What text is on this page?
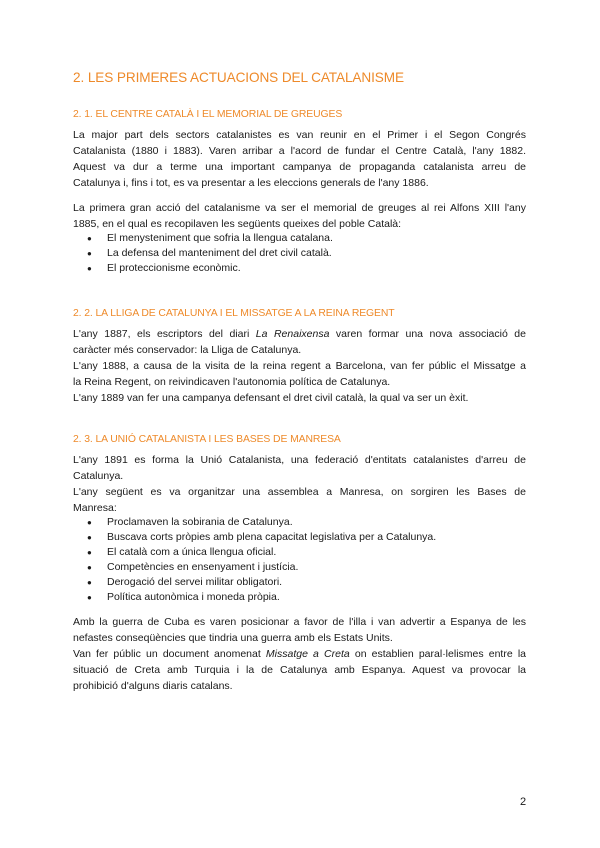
2. LES PRIMERES ACTUACIONS DEL CATALANISME
2. 1. EL CENTRE CATALÀ I EL MEMORIAL DE GREUGES
La major part dels sectors catalanistes es van reunir en el Primer i el Segon Congrés
Catalanista (1880 i 1883). Varen arribar a l'acord de fundar el Centre Català, l'any 1882.
Aquest va dur a terme una important campanya de propaganda catalanista arreu de
Catalunya i, fins i tot, es va presentar a les eleccions generals de l'any 1886.
La primera gran acció del catalanisme va ser el memorial de greuges al rei Alfons XIII l'any
1885, en el qual es recopilaven les següents queixes del poble Català:
● El menysteniment que sofria la llengua catalana.
● La defensa del manteniment del dret civil català.
● El proteccionisme econòmic.
2. 2. LA LLIGA DE CATALUNYA I EL MISSATGE A LA REINA REGENT
L'any 1887, els escriptors del diari La Renaixensa varen formar una nova associació de
caràcter més conservador: la Lliga de Catalunya.
L'any 1888, a causa de la visita de la reina regent a Barcelona, van fer públic el Missatge a
la Reina Regent, on reivindicaven l'autonomia política de Catalunya.
L'any 1889 van fer una campanya defensant el dret civil català, la qual va ser un èxit.
2. 3. LA UNIÓ CATALANISTA I LES BASES DE MANRESA
L'any 1891 es forma la Unió Catalanista, una federació d'entitats catalanistes d'arreu de
Catalunya.
L'any següent es va organitzar una assemblea a Manresa, on sorgiren les Bases de
Manresa:
● Proclamaven la sobirania de Catalunya.
● Buscava corts pròpies amb plena capacitat legislativa per a Catalunya.
● El català com a única llengua oficial.
● Competències en ensenyament i justícia.
● Derogació del servei militar obligatori.
● Política autonòmica i moneda pròpia.
Amb la guerra de Cuba es varen posicionar a favor de l'illa i van advertir a Espanya de les
nefastes conseqüències que tindria una guerra amb els Estats Units.
Van fer públic un document anomenat Missatge a Creta on establien paral·lelismes entre la
situació de Creta amb Turquia i la de Catalunya amb Espanya. Aquest va provocar la
prohibició d'alguns diaris catalans.
2
